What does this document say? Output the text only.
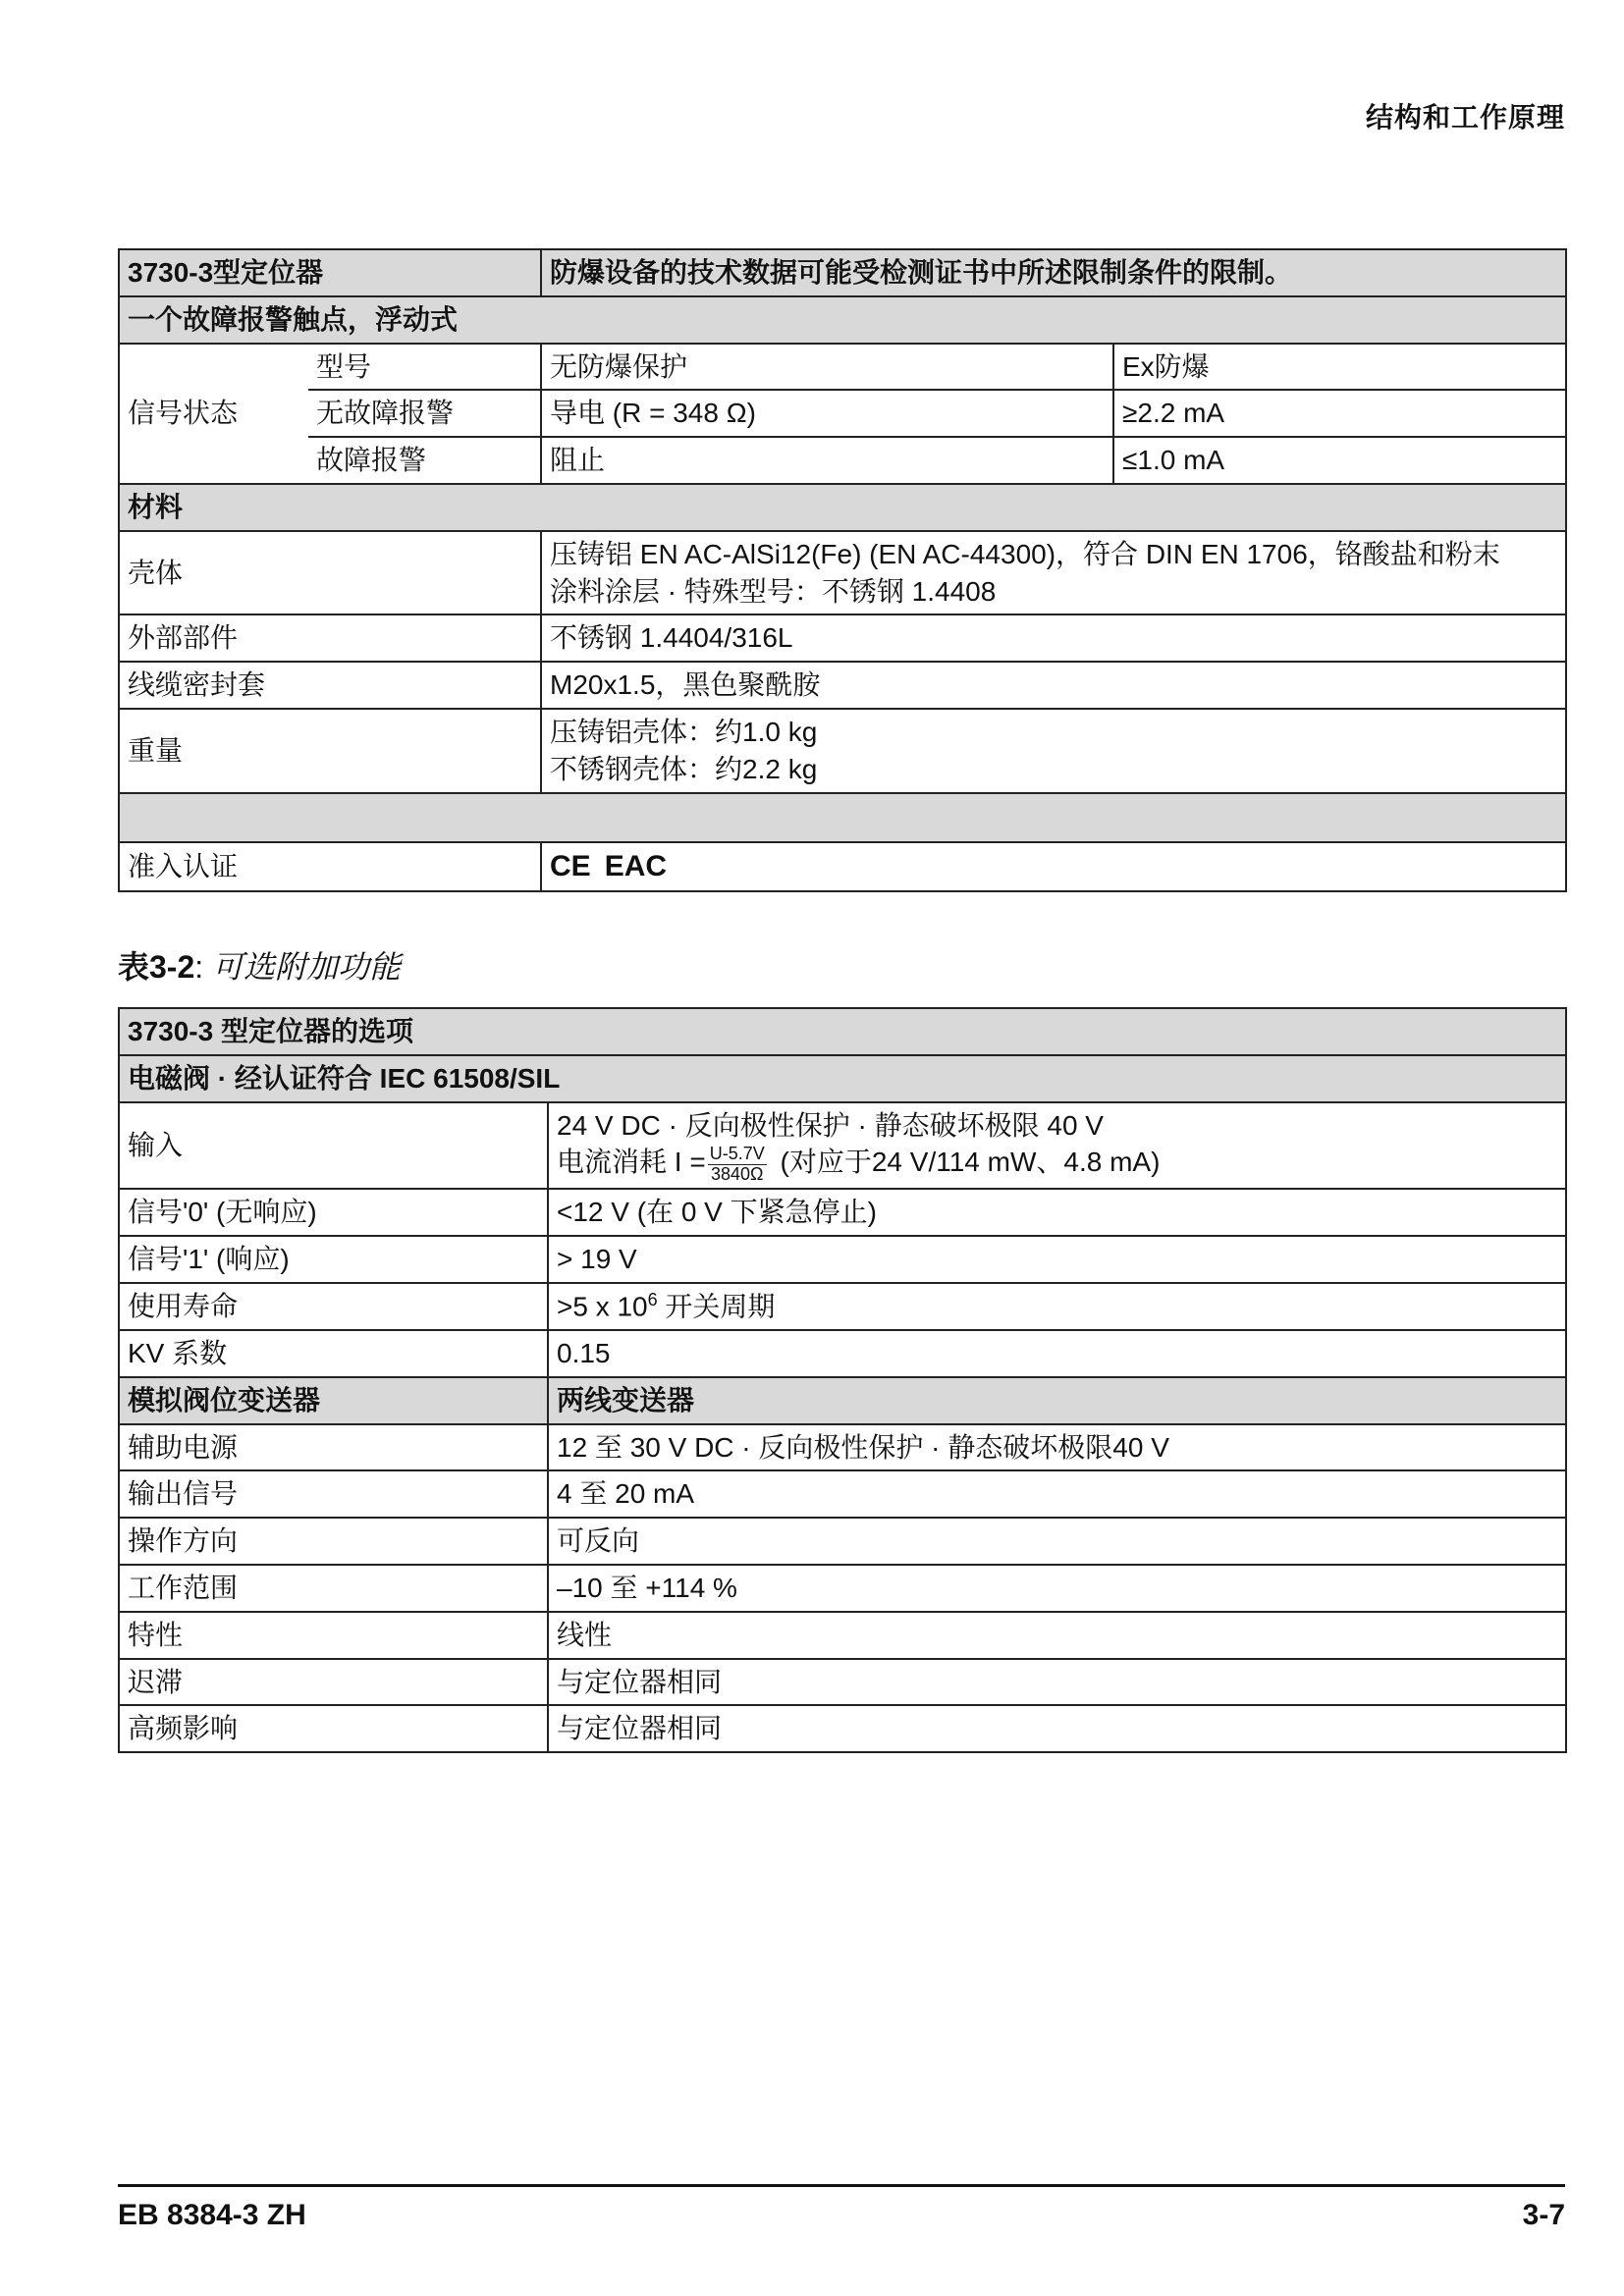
结构和工作原理
3730-3型定位器		防爆设备的技术数据可能受检测证书中所述限制条件的限制。	
一个故障报警触点，浮动式			
信号状态	型号	无防爆保护	Ex防爆
	无故障报警	导电 (R = 348 Ω)	≥2.2 mA
	故障报警	阻止	≤1.0 mA
材料			
壳体		压铸铝 EN AC-AlSi12(Fe) (EN AC-44300)，符合 DIN EN 1706，铬酸盐和粉末
涂料涂层 · 特殊型号：不锈钢 1.4408	

外部部件		不锈钢 1.4404/316L	
线缆密封套		M20x1.5，黑色聚酰胺	
重量		压铸铝壳体：约1.0 kg
不锈钢壳体：约2.2 kg	

准入认证		CE EAC	
表3-2: 可选附加功能
3730-3 型定位器的选项	
电磁阀 · 经认证符合 IEC 61508/SIL	
输入	24 V DC · 反向极性保护 · 静态破坏极限 40 V
电流消耗 $I = \frac{U-5.7V}{3840\Omega}$ (对应于24 V/114 mW、4.8 mA)

信号'0' (无响应)	<12 V (在 0 V 下紧急停止)
信号'1' (响应)	> 19 V
使用寿命	>5 x $10^6$ 开关周期
KV 系数	0.15
模拟阀位变送器	两线变送器
辅助电源	12 至 30 V DC · 反向极性保护 · 静态破坏极限40 V
输出信号	4 至 20 mA
操作方向	可反向
工作范围	–10 至 +114 %
特性	线性
迟滞	与定位器相同
高频影响	与定位器相同
EB 8384-3 ZH	3-7
